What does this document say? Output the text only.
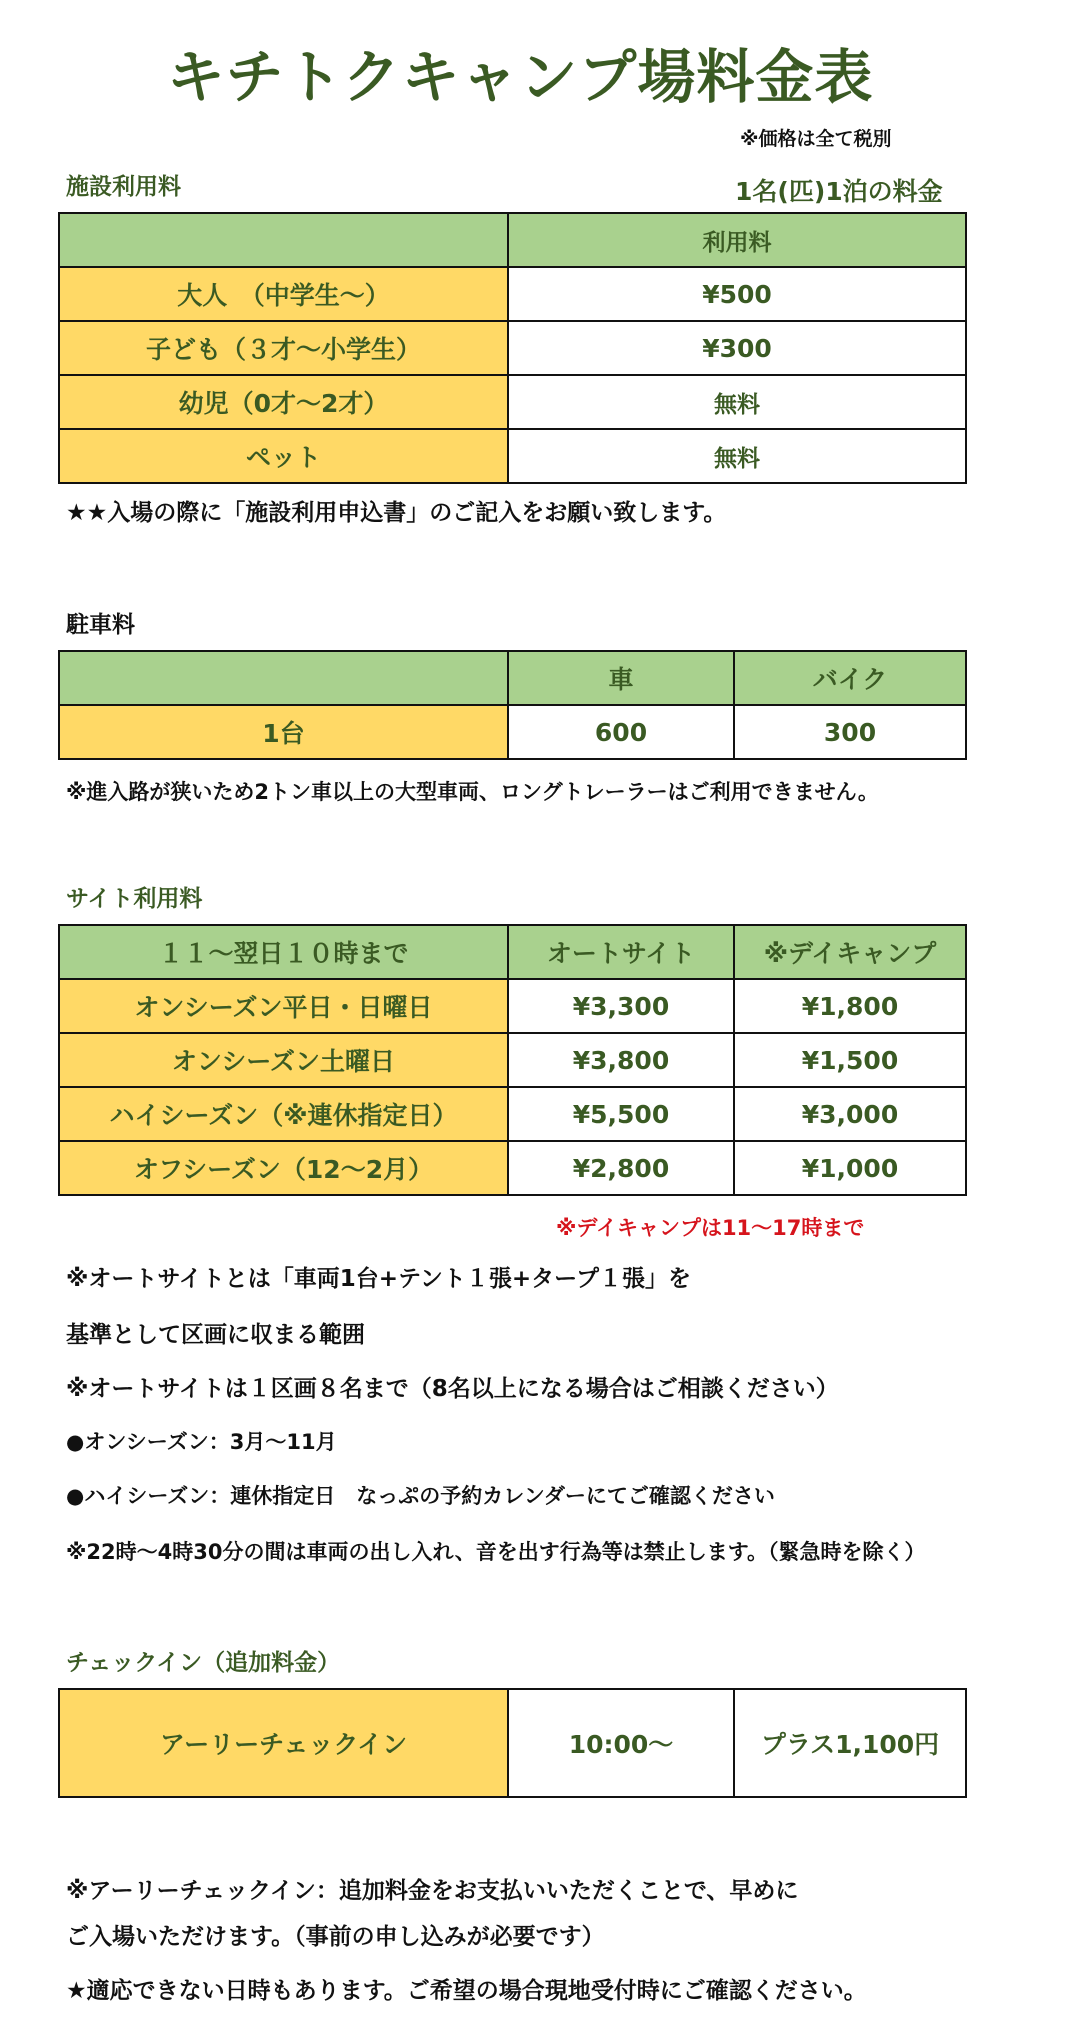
キチトクキャンプ場料金表
※価格は全て税別
施設利用料	1名(匹)1泊の料金
	利用料
大人　（中学生〜）	¥500
子ども（３才〜小学生）	¥300
幼児（0才〜2才）	無料
ペット	無料
★★入場の際に「施設利用申込書」のご記入をお願い致します。
駐車料
	車	バイク
1台	600	300
※進入路が狭いため2トン車以上の大型車両、ロングトレーラーはご利用できません。
サイト利用料
１１〜翌日１０時まで	オートサイト	※デイキャンプ
オンシーズン平日・日曜日	¥3,300	¥1,800
オンシーズン土曜日	¥3,800	¥1,500
ハイシーズン（※連休指定日）	¥5,500	¥3,000
オフシーズン（12〜2月）	¥2,800	¥1,000
※デイキャンプは11〜17時まで
※オートサイトとは「車両1台+テント１張+タープ１張」を
基準として区画に収まる範囲
※オートサイトは１区画８名まで（8名以上になる場合はご相談ください）
●オンシーズン：3月〜11月
●ハイシーズン：連休指定日　なっぷの予約カレンダーにてご確認ください
※22時〜4時30分の間は車両の出し入れ、音を出す行為等は禁止します。（緊急時を除く）
チェックイン（追加料金）
アーリーチェックイン	10:00〜	プラス1,100円
※アーリーチェックイン：追加料金をお支払いいただくことで、早めに
ご入場いただけます。（事前の申し込みが必要です）
★適応できない日時もあります。ご希望の場合現地受付時にご確認ください。
